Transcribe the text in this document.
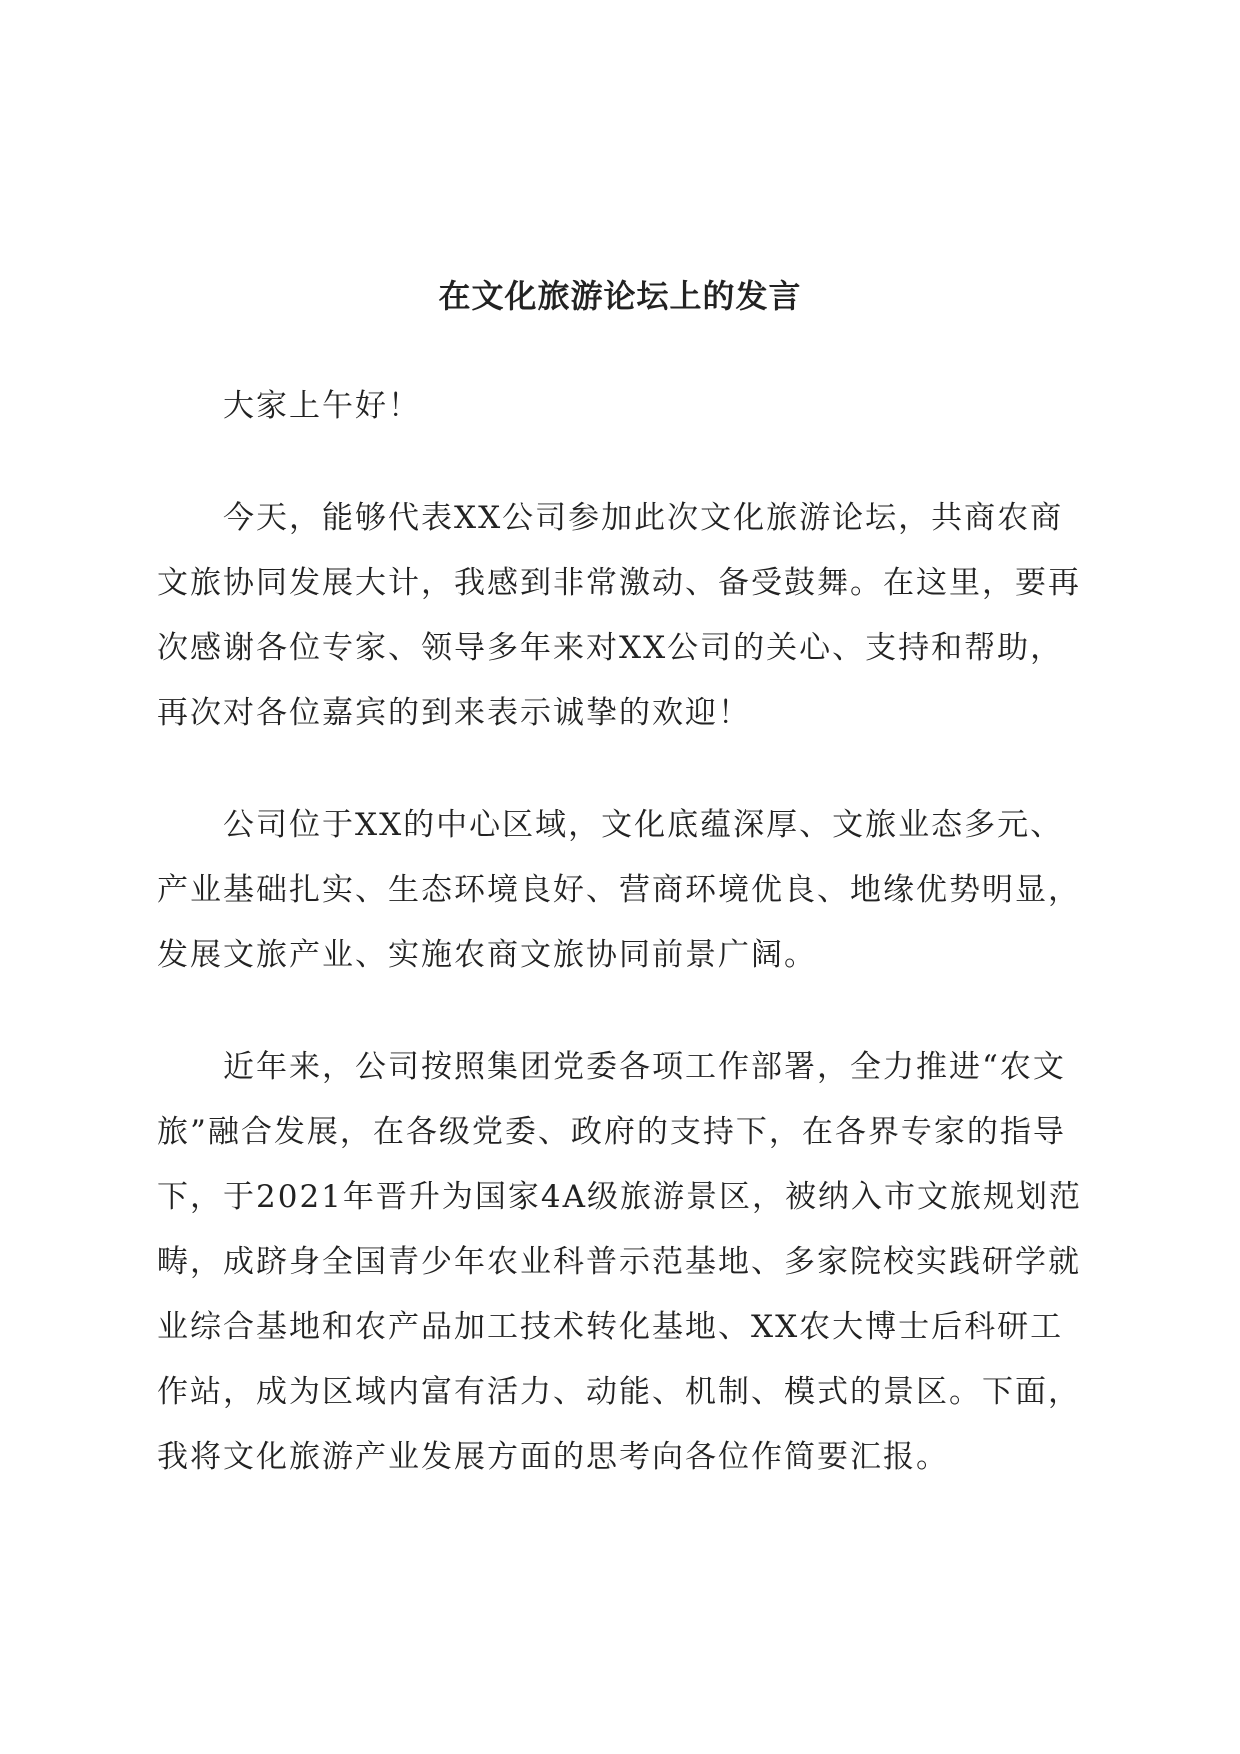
在文化旅游论坛上的发言

大家上午好！

今天，能够代表XX公司参加此次文化旅游论坛，共商农商文旅协同发展大计，我感到非常激动、备受鼓舞。在这里，要再次感谢各位专家、领导多年来对XX公司的关心、支持和帮助，再次对各位嘉宾的到来表示诚挚的欢迎！

公司位于XX的中心区域，文化底蕴深厚、文旅业态多元、产业基础扎实、生态环境良好、营商环境优良、地缘优势明显，发展文旅产业、实施农商文旅协同前景广阔。

近年来，公司按照集团党委各项工作部署，全力推进“农文旅”融合发展，在各级党委、政府的支持下，在各界专家的指导下，于2021年晋升为国家4A级旅游景区，被纳入市文旅规划范畴，成跻身全国青少年农业科普示范基地、多家院校实践研学就业综合基地和农产品加工技术转化基地、XX农大博士后科研工作站，成为区域内富有活力、动能、机制、模式的景区。下面，我将文化旅游产业发展方面的思考向各位作简要汇报。
